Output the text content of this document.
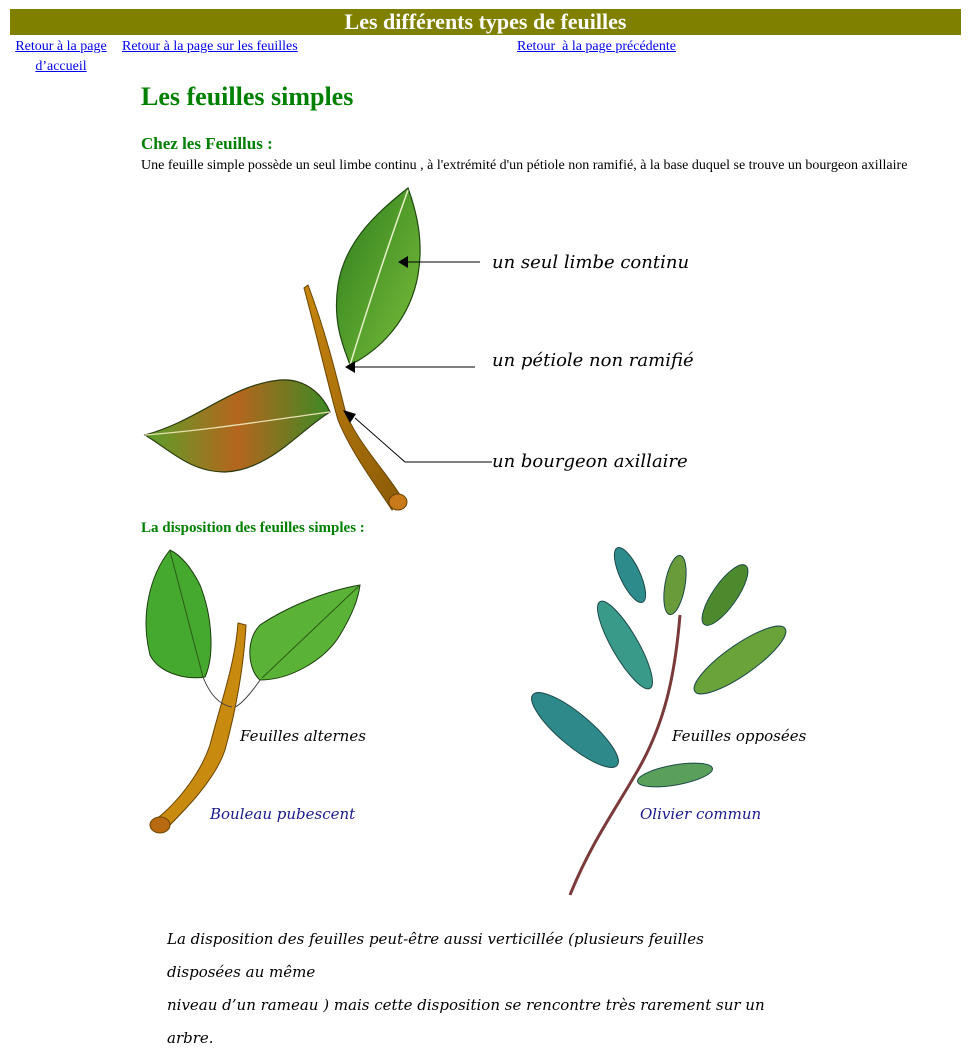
Les différents types de feuilles
Retour à la page
d’accueil
Retour à la page sur les feuilles	Retour  à la page précédente
Les feuilles simples
Chez les Feuillus :
Une feuille simple possède un seul limbe continu , à l'extrémité d'un pétiole non ramifié, à la base duquel se trouve un bourgeon axillaire
un seul limbe continu
un pétiole non ramifié
un bourgeon axillaire
La disposition des feuilles simples :
Feuilles alternes
Bouleau pubescent
Feuilles opposées
Olivier commun
La disposition des feuilles peut-être aussi verticillée (plusieurs feuilles disposées au même
niveau d’un rameau ) mais cette disposition se rencontre très rarement sur un arbre.
